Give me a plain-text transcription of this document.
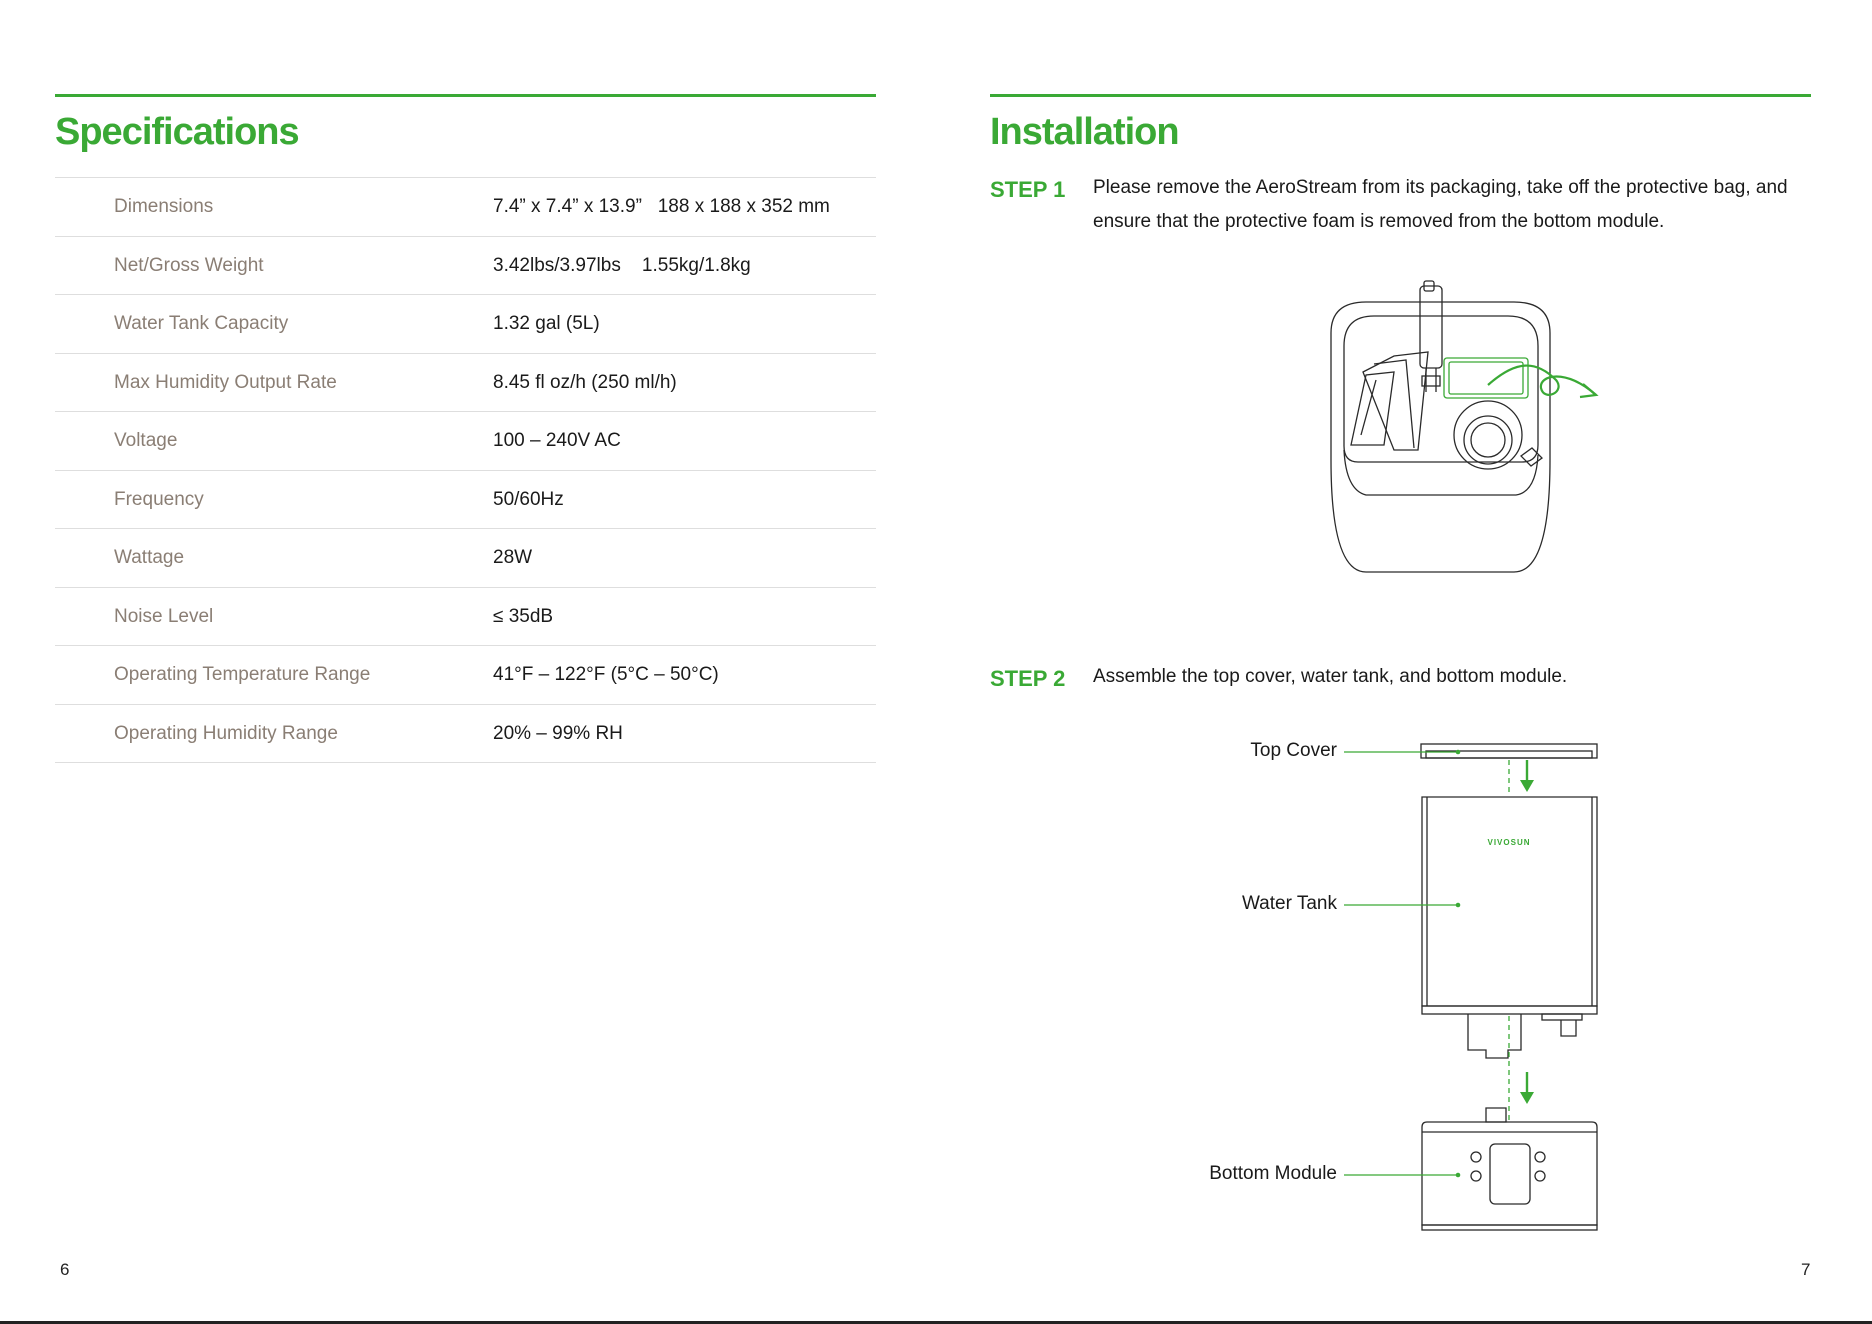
Specifications
Dimensions	7.4” x 7.4” x 13.9”   188 x 188 x 352 mm
Net/Gross Weight	3.42lbs/3.97lbs    1.55kg/1.8kg
Water Tank Capacity	1.32 gal (5L)
Max Humidity Output Rate	8.45 fl oz/h (250 ml/h)
Voltage	100 – 240V AC
Frequency	50/60Hz
Wattage	28W
Noise Level	≤ 35dB
Operating Temperature Range	41°F – 122°F (5°C – 50°C)
Operating Humidity Range	20% – 99% RH
6
Installation
STEP 1 Please remove the AeroStream from its packaging, take off the protective bag, and
ensure that the protective foam is removed from the bottom module.
STEP 2 Assemble the top cover, water tank, and bottom module.
VIVOSUN
Top Cover
Water Tank
Bottom Module
7
